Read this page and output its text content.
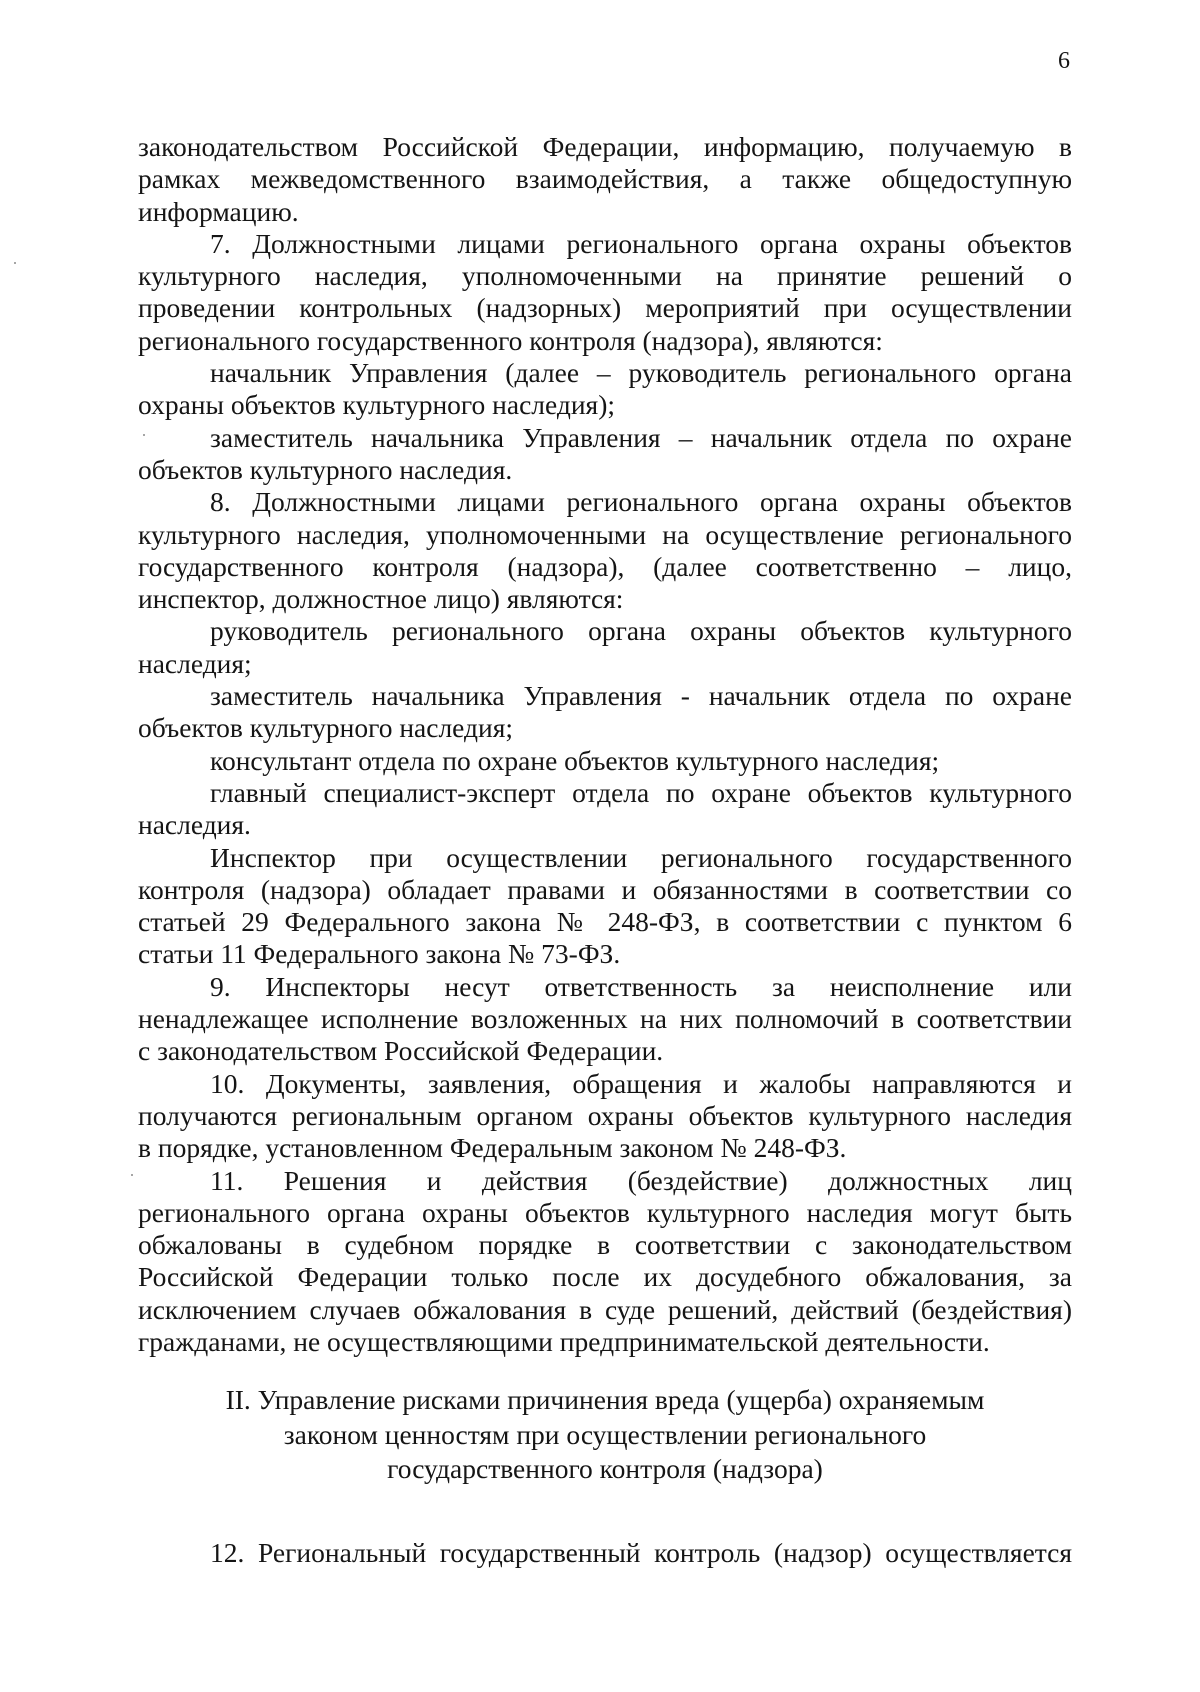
6
законодательством Российской Федерации, информацию, получаемую в
рамках межведомственного взаимодействия, а также общедоступную
информацию.
7. Должностными лицами регионального органа охраны объектов
культурного наследия, уполномоченными на принятие решений о
проведении контрольных (надзорных) мероприятий при осуществлении
регионального государственного контроля (надзора), являются:
начальник Управления (далее – руководитель регионального органа
охраны объектов культурного наследия);
заместитель начальника Управления – начальник отдела по охране
объектов культурного наследия.
8. Должностными лицами регионального органа охраны объектов
культурного наследия, уполномоченными на осуществление регионального
государственного контроля (надзора), (далее соответственно – лицо,
инспектор, должностное лицо) являются:
руководитель регионального органа охраны объектов культурного
наследия;
заместитель начальника Управления - начальник отдела по охране
объектов культурного наследия;
консультант отдела по охране объектов культурного наследия;
главный специалист-эксперт отдела по охране объектов культурного
наследия.
Инспектор при осуществлении регионального государственного
контроля (надзора) обладает правами и обязанностями в соответствии со
статьей 29 Федерального закона № 248-ФЗ, в соответствии с пунктом 6
статьи 11 Федерального закона № 73-ФЗ.
9. Инспекторы несут ответственность за неисполнение или
ненадлежащее исполнение возложенных на них полномочий в соответствии
с законодательством Российской Федерации.
10. Документы, заявления, обращения и жалобы направляются и
получаются региональным органом охраны объектов культурного наследия
в порядке, установленном Федеральным законом № 248-ФЗ.
11. Решения и действия (бездействие) должностных лиц
регионального органа охраны объектов культурного наследия могут быть
обжалованы в судебном порядке в соответствии с законодательством
Российской Федерации только после их досудебного обжалования, за
исключением случаев обжалования в суде решений, действий (бездействия)
гражданами, не осуществляющими предпринимательской деятельности.
II. Управление рисками причинения вреда (ущерба) охраняемым
законом ценностям при осуществлении регионального
государственного контроля (надзора)
12. Региональный государственный контроль (надзор) осуществляется
